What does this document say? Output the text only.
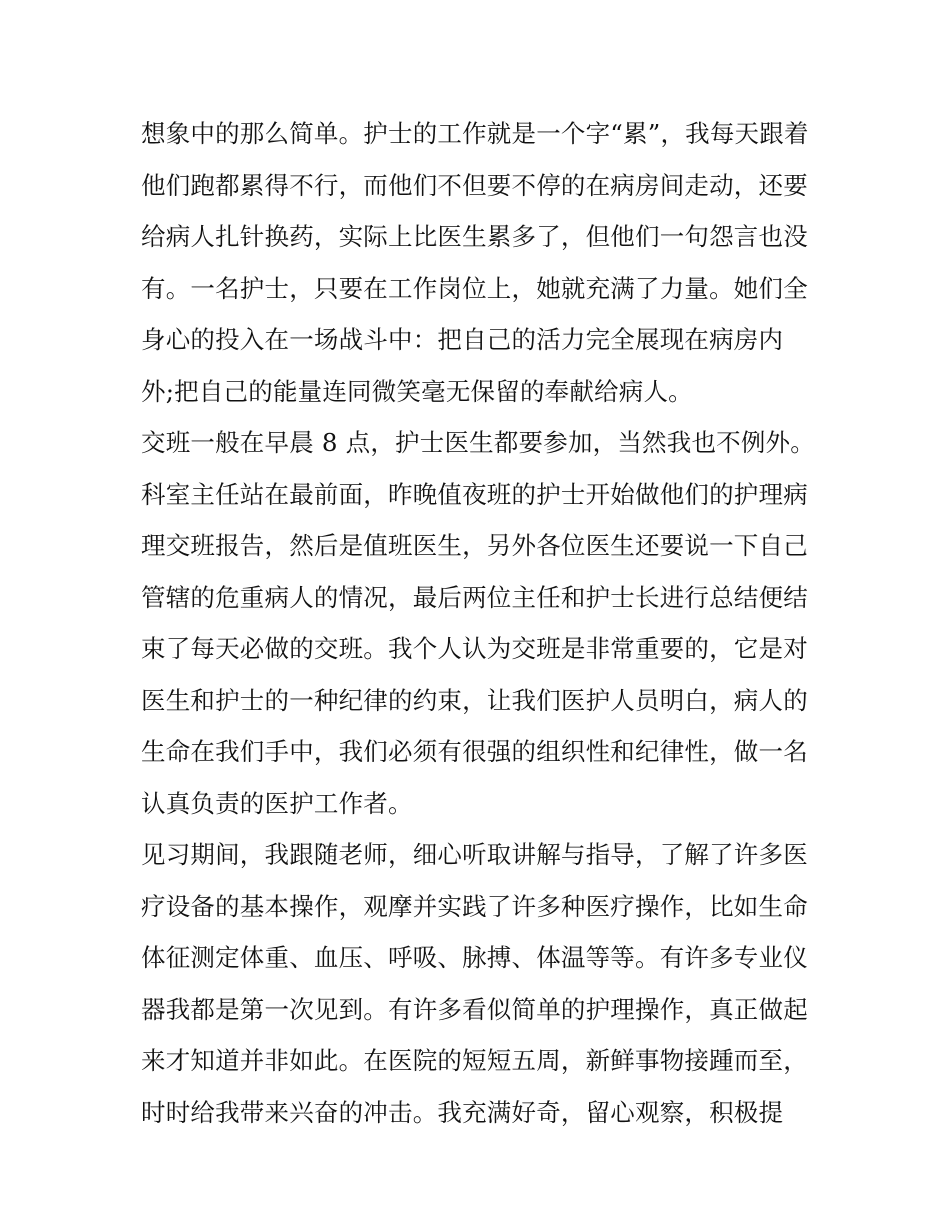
想象中的那么简单。护士的工作就是一个字“累”，我每天跟着
他们跑都累得不行，而他们不但要不停的在病房间走动，还要
给病人扎针换药，实际上比医生累多了，但他们一句怨言也没
有。一名护士，只要在工作岗位上，她就充满了力量。她们全
身心的投入在一场战斗中：把自己的活力完全展现在病房内
外;把自己的能量连同微笑毫无保留的奉献给病人。
交班一般在早晨 8 点，护士医生都要参加，当然我也不例外。
科室主任站在最前面，昨晚值夜班的护士开始做他们的护理病
理交班报告，然后是值班医生，另外各位医生还要说一下自己
管辖的危重病人的情况，最后两位主任和护士长进行总结便结
束了每天必做的交班。我个人认为交班是非常重要的，它是对
医生和护士的一种纪律的约束，让我们医护人员明白，病人的
生命在我们手中，我们必须有很强的组织性和纪律性，做一名
认真负责的医护工作者。
见习期间，我跟随老师，细心听取讲解与指导，了解了许多医
疗设备的基本操作，观摩并实践了许多种医疗操作，比如生命
体征测定体重、血压、呼吸、脉搏、体温等等。有许多专业仪
器我都是第一次见到。有许多看似简单的护理操作，真正做起
来才知道并非如此。在医院的短短五周，新鲜事物接踵而至，
时时给我带来兴奋的冲击。我充满好奇，留心观察，积极提
